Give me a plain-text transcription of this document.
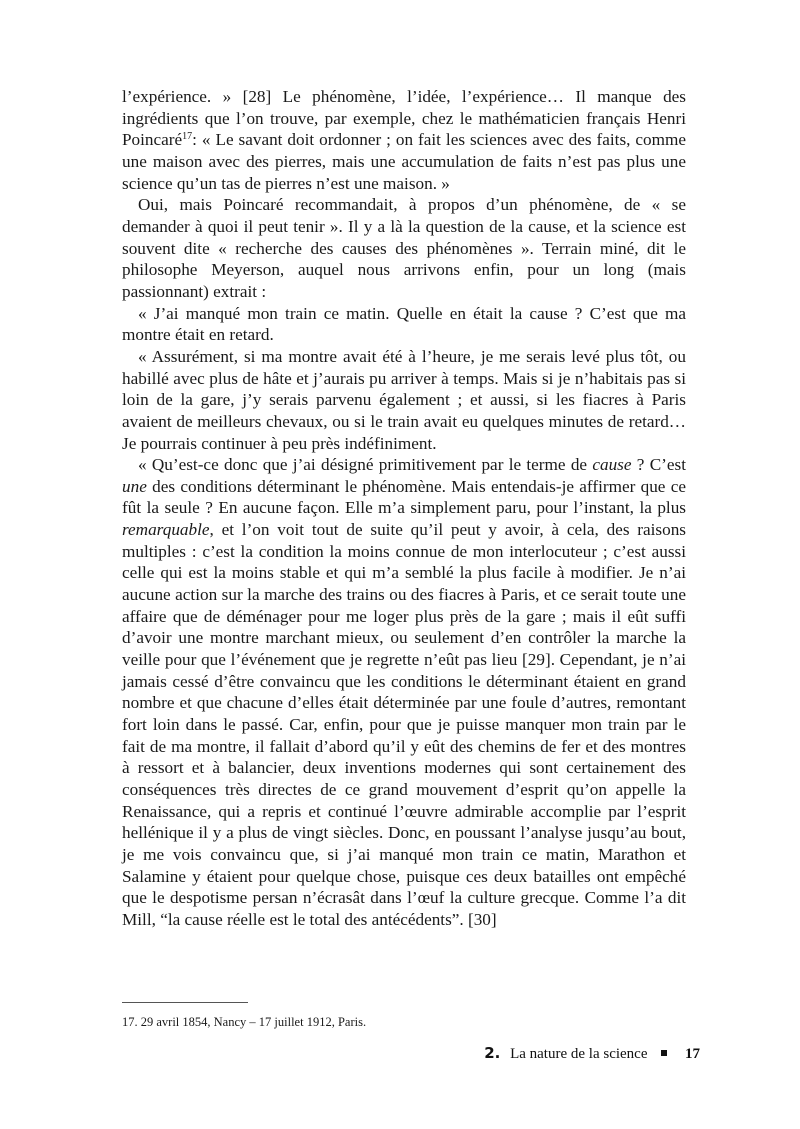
l’expérience. » [28] Le phénomène, l’idée, l’expérience… Il manque des ingrédients que l’on trouve, par exemple, chez le mathématicien français Henri Poincaré$^{17}$: « Le savant doit ordonner ; on fait les sciences avec des faits, comme une maison avec des pierres, mais une accumulation de faits n’est pas plus une science qu’un tas de pierres n’est une maison. »

Oui, mais Poincaré recommandait, à propos d’un phénomène, de « se demander à quoi il peut tenir ». Il y a là la question de la cause, et la science est souvent dite « recherche des causes des phénomènes ». Terrain miné, dit le philosophe Meyerson, auquel nous arrivons enfin, pour un long (mais passionnant) extrait :

« J’ai manqué mon train ce matin. Quelle en était la cause ? C’est que ma montre était en retard.

« Assurément, si ma montre avait été à l’heure, je me serais levé plus tôt, ou habillé avec plus de hâte et j’aurais pu arriver à temps. Mais si je n’habitais pas si loin de la gare, j’y serais parvenu également ; et aussi, si les fiacres à Paris avaient de meilleurs chevaux, ou si le train avait eu quelques minutes de retard… Je pourrais continuer à peu près indéfiniment.

« Qu’est-ce donc que j’ai désigné primitivement par le terme de cause ? C’est une des conditions déterminant le phénomène. Mais entendais-je affirmer que ce fût la seule ? En aucune façon. Elle m’a simplement paru, pour l’instant, la plus remarquable, et l’on voit tout de suite qu’il peut y avoir, à cela, des raisons multiples : c’est la condition la moins connue de mon interlocuteur ; c’est aussi celle qui est la moins stable et qui m’a semblé la plus facile à modifier. Je n’ai aucune action sur la marche des trains ou des fiacres à Paris, et ce serait toute une affaire que de déménager pour me loger plus près de la gare ; mais il eût suffi d’avoir une montre marchant mieux, ou seulement d’en contrôler la marche la veille pour que l’événement que je regrette n’eût pas lieu [29]. Cependant, je n’ai jamais cessé d’être convaincu que les conditions le déterminant étaient en grand nombre et que chacune d’elles était déterminée par une foule d’autres, remontant fort loin dans le passé. Car, enfin, pour que je puisse manquer mon train par le fait de ma montre, il fallait d’abord qu’il y eût des chemins de fer et des montres à ressort et à balancier, deux inventions modernes qui sont certainement des conséquences très directes de ce grand mouvement d’esprit qu’on appelle la Renaissance, qui a repris et continué l’œuvre admirable accomplie par l’esprit hellénique il y a plus de vingt siècles. Donc, en poussant l’analyse jusqu’au bout, je me vois convaincu que, si j’ai manqué mon train ce matin, Marathon et Salamine y étaient pour quelque chose, puisque ces deux batailles ont empêché que le despotisme persan n’écrasât dans l’œuf la culture grecque. Comme l’a dit Mill, “la cause réelle est le total des antécédents”. [30]

17. 29 avril 1854, Nancy – 17 juillet 1912, Paris.
2. La nature de la science	17
